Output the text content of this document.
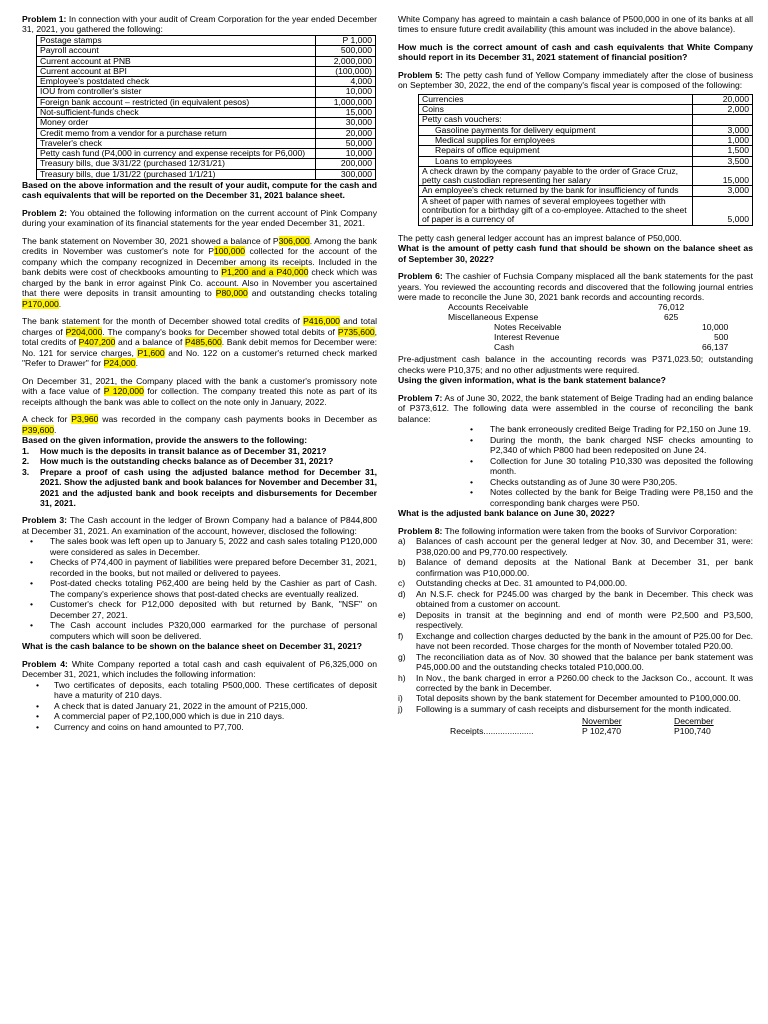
Problem 1: In connection with your audit of Cream Corporation for the year ended December 31, 2021, you gathered the following:

Postage stamps	P 1,000
Payroll account	500,000
Current account at PNB	2,000,000
Current account at BPI	(100,000)
Employee's postdated check	4,000
IOU from controller's sister	10,000
Foreign bank account – restricted (in equivalent pesos)	1,000,000
Not-sufficient-funds check	15,000
Money order	30,000
Credit memo from a vendor for a purchase return	20,000
Traveler's check	50,000
Petty cash fund (P4,000 in currency and expense receipts for P6,000)	10,000
Treasury bills, due 3/31/22 (purchased 12/31/21)	200,000
Treasury bills, due 1/31/22 (purchased 1/1/21)	300,000

Based on the above information and the result of your audit, compute for the cash and cash equivalents that will be reported on the December 31, 2021 balance sheet.

Problem 2: You obtained the following information on the current account of Pink Company during your examination of its financial statements for the year ended December 31, 2021.

The bank statement on November 30, 2021 showed a balance of P306,000. Among the bank credits in November was customer's note for P100,000 collected for the account of the company which the company recognized in December among its receipts. Included in the bank debits were cost of checkbooks amounting to P1,200 and a P40,000 check which was charged by the bank in error against Pink Co. account. Also in November you ascertained that there were deposits in transit amounting to P80,000 and outstanding checks totaling P170,000.

The bank statement for the month of December showed total credits of P416,000 and total charges of P204,000. The company's books for December showed total debits of P735,600, total credits of P407,200 and a balance of P485,600. Bank debit memos for December were: No. 121 for service charges, P1,600 and No. 122 on a customer's returned check marked "Refer to Drawer" for P24,000.

On December 31, 2021, the Company placed with the bank a customer's promissory note with a face value of P 120,000 for collection. The company treated this note as part of its receipts although the bank was able to collect on the note only in January, 2022.

A check for P3,960 was recorded in the company cash payments books in December as P39,600.

Based on the given information, provide the answers to the following:

1. How much is the deposits in transit balance as of December 31, 2021?
2. How much is the outstanding checks balance as of December 31, 2021?
3. Prepare a proof of cash using the adjusted balance method for December 31, 2021. Show the adjusted bank and book balances for November and December 31, 2021 and the adjusted bank and book receipts and disbursements for December 31, 2021.

Problem 3: The Cash account in the ledger of Brown Company had a balance of P844,800 at December 31, 2021. An examination of the account, however, disclosed the following:

• The sales book was left open up to January 5, 2022 and cash sales totaling P120,000 were considered as sales in December.
• Checks of P74,400 in payment of liabilities were prepared before December 31, 2021, recorded in the books, but not mailed or delivered to payees.
• Post-dated checks totaling P62,400 are being held by the Cashier as part of Cash. The company's experience shows that post-dated checks are eventually realized.
• Customer's check for P12,000 deposited with but returned by Bank, "NSF" on December 27, 2021.
• The Cash account includes P320,000 earmarked for the purchase of personal computers which will soon be delivered.

What is the cash balance to be shown on the balance sheet on December 31, 2021?

Problem 4: White Company reported a total cash and cash equivalent of P6,325,000 on December 31, 2021, which includes the following information:

• Two certificates of deposits, each totaling P500,000. These certificates of deposit have a maturity of 210 days.
• A check that is dated January 21, 2022 in the amount of P215,000.
• A commercial paper of P2,100,000 which is due in 210 days.
• Currency and coins on hand amounted to P7,700.

White Company has agreed to maintain a cash balance of P500,000 in one of its banks at all times to ensure future credit availability (this amount was included in the above balance).

How much is the correct amount of cash and cash equivalents that White Company should report in its December 31, 2021 statement of financial position?

Problem 5: The petty cash fund of Yellow Company immediately after the close of business on September 30, 2022, the end of the company's fiscal year is composed of the following:

Currencies	20,000
Coins	2,000
Petty cash vouchers:	
Gasoline payments for delivery equipment	3,000
Medical supplies for employees	1,000
Repairs of office equipment	1,500
Loans to employees	3,500
A check drawn by the company payable to the order of Grace Cruz, petty cash custodian representing her salary	15,000
An employee's check returned by the bank for insufficiency of funds	3,000
A sheet of paper with names of several employees together with contribution for a birthday gift of a co-employee. Attached to the sheet of paper is a currency of	5,000

The petty cash general ledger account has an imprest balance of P50,000.

What is the amount of petty cash fund that should be shown on the balance sheet as of September 30, 2022?

Problem 6: The cashier of Fuchsia Company misplaced all the bank statements for the past years. You reviewed the accounting records and discovered that the following journal entries were made to reconcile the June 30, 2021 bank records and accounting records.

Accounts Receivable	76,012
Miscellaneous Expense	625
Notes Receivable	10,000
Interest Revenue	500
Cash	66,137

Pre-adjustment cash balance in the accounting records was P371,023.50; outstanding checks were P10,375; and no other adjustments were required.

Using the given information, what is the bank statement balance?

Problem 7: As of June 30, 2022, the bank statement of Beige Trading had an ending balance of P373,612. The following data were assembled in the course of reconciling the bank balance:

• The bank erroneously credited Beige Trading for P2,150 on June 19.
• During the month, the bank charged NSF checks amounting to P2,340 of which P800 had been redeposited on June 24.
• Collection for June 30 totaling P10,330 was deposited the following month.
• Checks outstanding as of June 30 were P30,205.
• Notes collected by the bank for Beige Trading were P8,150 and the corresponding bank charges were P50.

What is the adjusted bank balance on June 30, 2022?

Problem 8: The following information were taken from the books of Survivor Corporation:

a) Balances of cash account per the general ledger at Nov. 30, and December 31, were: P38,020.00 and P9,770.00 respectively.
b) Balance of demand deposits at the National Bank at December 31, per bank confirmation was P10,000.00.
c) Outstanding checks at Dec. 31 amounted to P4,000.00.
d) An N.S.F. check for P245.00 was charged by the bank in December. This check was obtained from a customer on account.
e) Deposits in transit at the beginning and end of month were P2,500 and P3,500, respectively.
f) Exchange and collection charges deducted by the bank in the amount of P25.00 for Dec. have not been recorded. Those charges for the month of November totaled P20.00.
g) The reconciliation data as of Nov. 30 showed that the balance per bank statement was P45,000.00 and the outstanding checks totaled P10,000.00.
h) In Nov., the bank charged in error a P260.00 check to the Jackson Co., account. It was corrected by the bank in December.
i) Total deposits shown by the bank statement for December amounted to P100,000.00.
j) Following is a summary of cash receipts and disbursement for the month indicated.
November	December
Receipts.....................	P 102,470	P100,740
